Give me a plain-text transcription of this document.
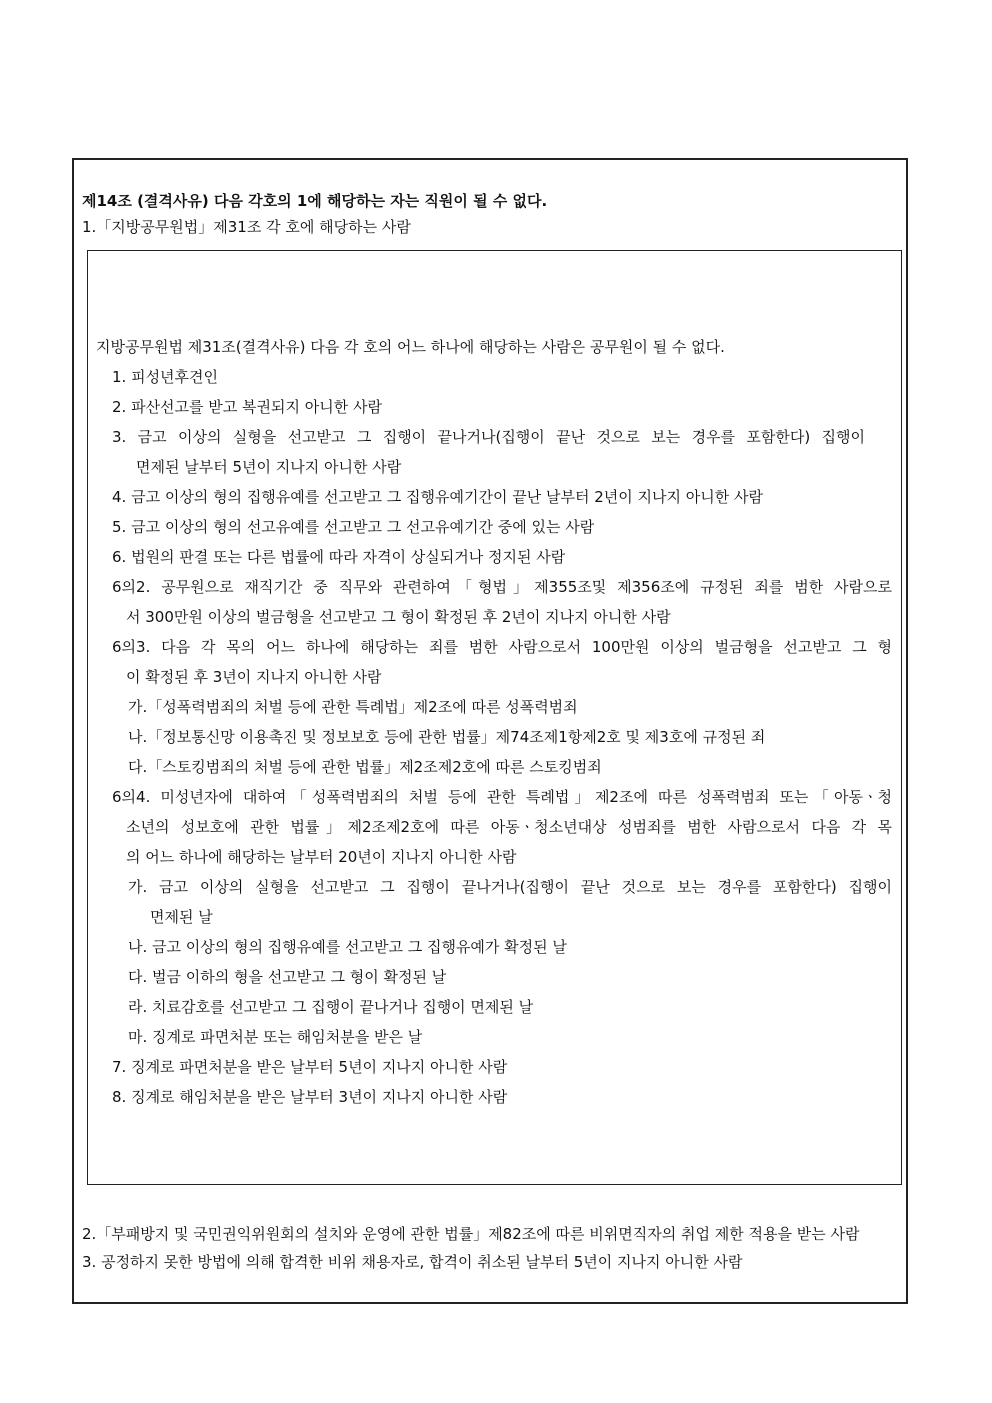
제14조 (결격사유) 다음 각호의 1에 해당하는 자는 직원이 될 수 없다.
1.「지방공무원법」제31조 각 호에 해당하는 사람
지방공무원법 제31조(결격사유) 다음 각 호의 어느 하나에 해당하는 사람은 공무원이 될 수 없다.
1. 피성년후견인
2. 파산선고를 받고 복권되지 아니한 사람
3. 금고 이상의 실형을 선고받고 그 집행이 끝나거나(집행이 끝난 것으로 보는 경우를 포함한다) 집행이
면제된 날부터 5년이 지나지 아니한 사람
4. 금고 이상의 형의 집행유예를 선고받고 그 집행유예기간이 끝난 날부터 2년이 지나지 아니한 사람
5. 금고 이상의 형의 선고유예를 선고받고 그 선고유예기간 중에 있는 사람
6. 법원의 판결 또는 다른 법률에 따라 자격이 상실되거나 정지된 사람
6의2. 공무원으로 재직기간 중 직무와 관련하여「형법」제355조및 제356조에 규정된 죄를 범한 사람으로
서 300만원 이상의 벌금형을 선고받고 그 형이 확정된 후 2년이 지나지 아니한 사람
6의3. 다음 각 목의 어느 하나에 해당하는 죄를 범한 사람으로서 100만원 이상의 벌금형을 선고받고 그 형
이 확정된 후 3년이 지나지 아니한 사람
가.「성폭력범죄의 처벌 등에 관한 특례법」제2조에 따른 성폭력범죄
나.「정보통신망 이용촉진 및 정보보호 등에 관한 법률」제74조제1항제2호 및 제3호에 규정된 죄
다.「스토킹범죄의 처벌 등에 관한 법률」제2조제2호에 따른 스토킹범죄
6의4. 미성년자에 대하여「성폭력범죄의 처벌 등에 관한 특례법」제2조에 따른 성폭력범죄 또는「아동ㆍ청
소년의 성보호에 관한 법률」제2조제2호에 따른 아동ㆍ청소년대상 성범죄를 범한 사람으로서 다음 각 목
의 어느 하나에 해당하는 날부터 20년이 지나지 아니한 사람
가. 금고 이상의 실형을 선고받고 그 집행이 끝나거나(집행이 끝난 것으로 보는 경우를 포함한다) 집행이
면제된 날
나. 금고 이상의 형의 집행유예를 선고받고 그 집행유예가 확정된 날
다. 벌금 이하의 형을 선고받고 그 형이 확정된 날
라. 치료감호를 선고받고 그 집행이 끝나거나 집행이 면제된 날
마. 징계로 파면처분 또는 해임처분을 받은 날
7. 징계로 파면처분을 받은 날부터 5년이 지나지 아니한 사람
8. 징계로 해임처분을 받은 날부터 3년이 지나지 아니한 사람
2.「부패방지 및 국민권익위원회의 설치와 운영에 관한 법률」제82조에 따른 비위면직자의 취업 제한 적용을 받는 사람
3. 공정하지 못한 방법에 의해 합격한 비위 채용자로, 합격이 취소된 날부터 5년이 지나지 아니한 사람
